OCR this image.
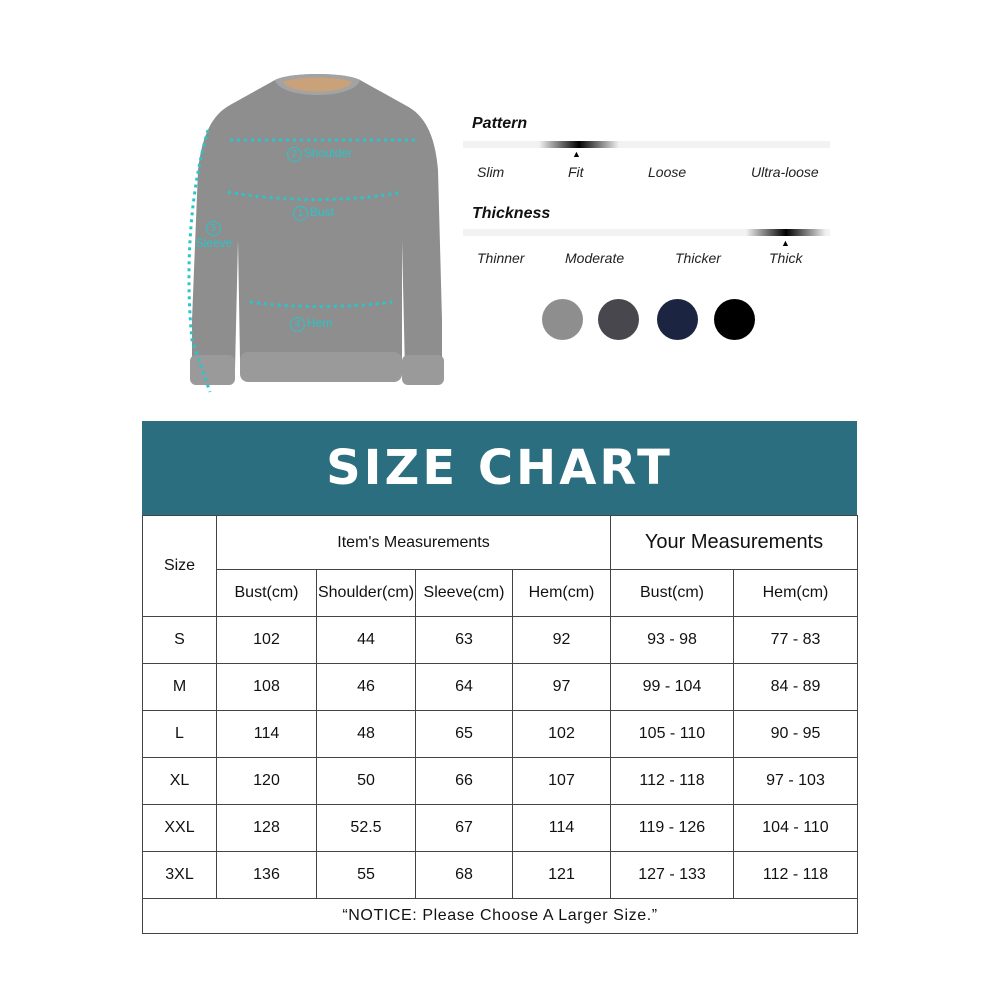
2 Shoulder
1 Bust
3
Sleeve
4 Hem
Pattern
▲
Slim	Fit	Loose	Ultra-loose
Thickness
▲
Thinner	Moderate	Thicker	Thick
SIZE CHART
Size	Item's Measurements				Your Measurements	
	Bust(cm)	Shoulder(cm)	Sleeve(cm)	Hem(cm)	Bust(cm)	Hem(cm)
S	102	44	63	92	93 - 98	77 - 83
M	108	46	64	97	99 - 104	84 - 89
L	114	48	65	102	105 - 110	90 - 95
XL	120	50	66	107	112 - 118	97 - 103
XXL	128	52.5	67	114	119 - 126	104 - 110
3XL	136	55	68	121	127 - 133	112 - 118
“NOTICE: Please Choose A Larger Size.”						
